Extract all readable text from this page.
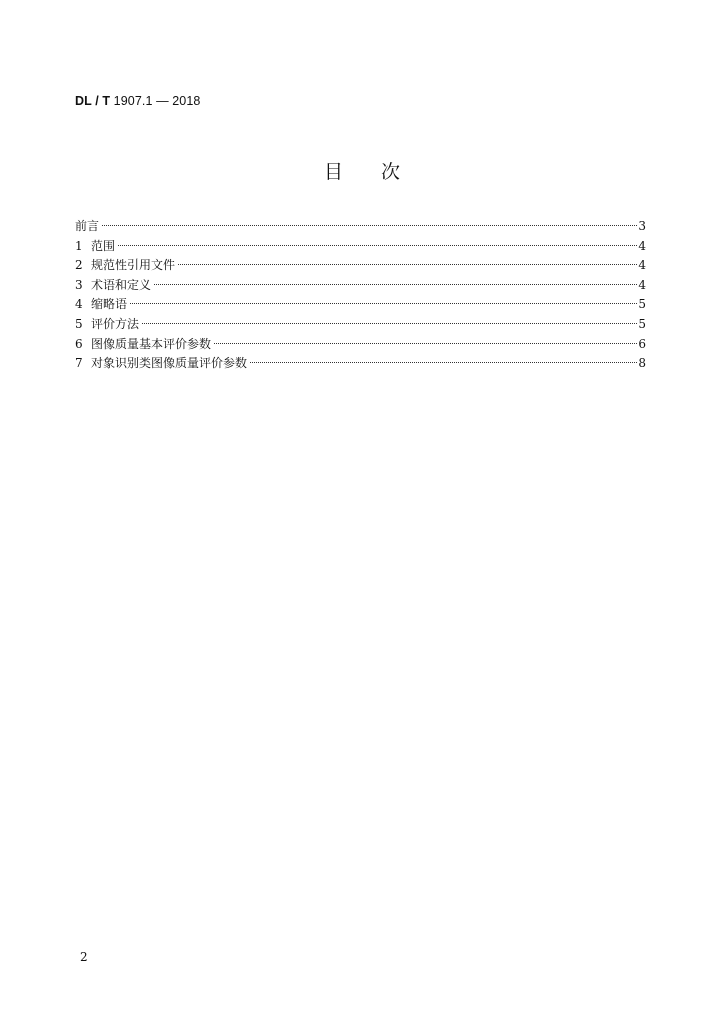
DL / T 1907.1 — 2018
目 次
前言	3
1 范围	4
2 规范性引用文件	4
3 术语和定义	4
4 缩略语	5
5 评价方法	5
6 图像质量基本评价参数	6
7 对象识别类图像质量评价参数	8
2
